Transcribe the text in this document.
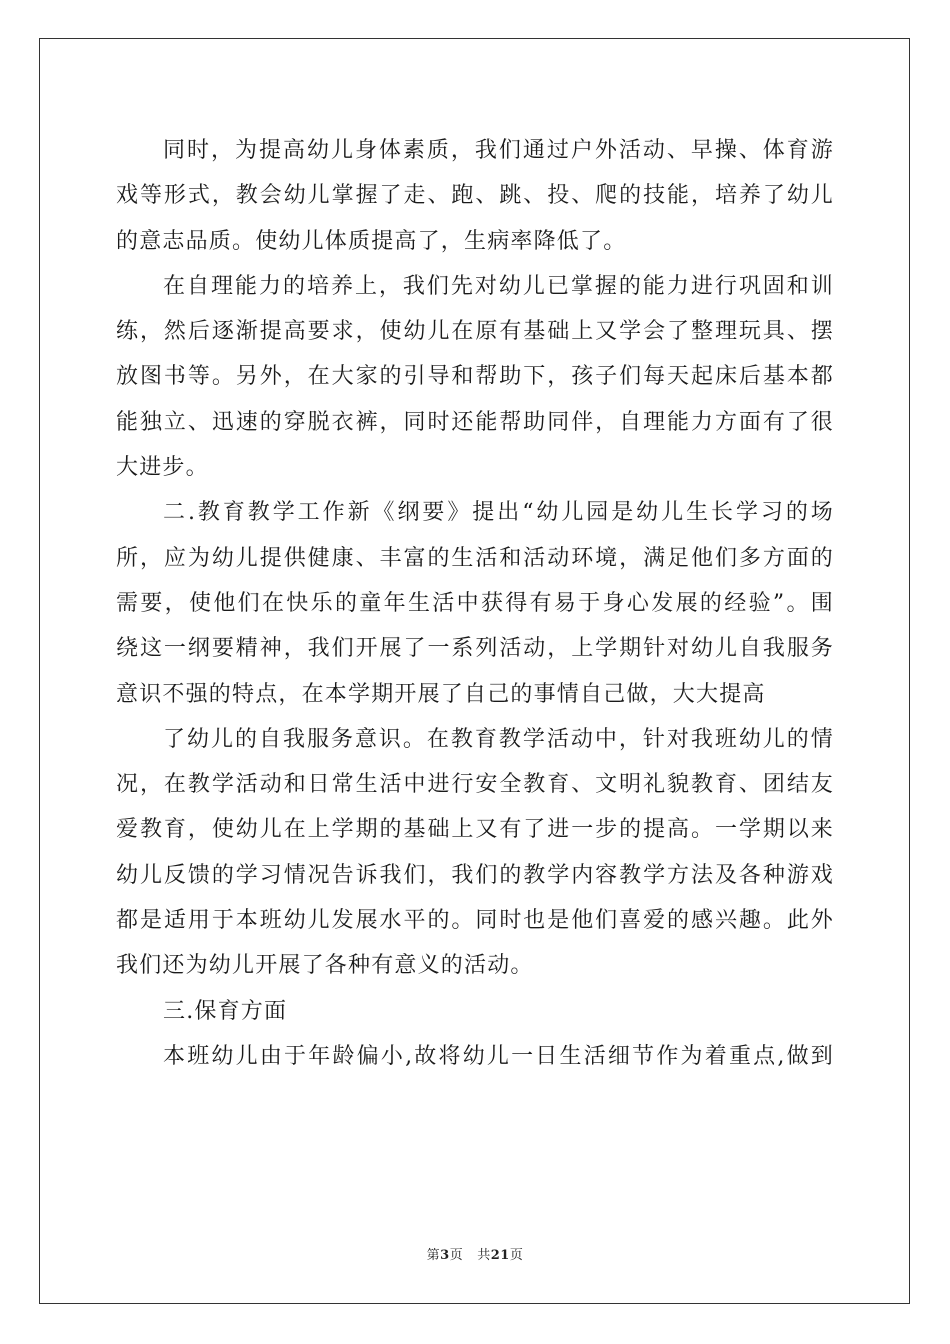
同时，为提高幼儿身体素质，我们通过户外活动、早操、体育游
戏等形式，教会幼儿掌握了走、跑、跳、投、爬的技能，培养了幼儿
的意志品质。使幼儿体质提高了，生病率降低了。
在自理能力的培养上，我们先对幼儿已掌握的能力进行巩固和训
练，然后逐渐提高要求，使幼儿在原有基础上又学会了整理玩具、摆
放图书等。另外，在大家的引导和帮助下，孩子们每天起床后基本都
能独立、迅速的穿脱衣裤，同时还能帮助同伴，自理能力方面有了很
大进步。
二.教育教学工作新《纲要》提出“幼儿园是幼儿生长学习的场
所，应为幼儿提供健康、丰富的生活和活动环境，满足他们多方面的
需要，使他们在快乐的童年生活中获得有易于身心发展的经验”。围
绕这一纲要精神，我们开展了一系列活动，上学期针对幼儿自我服务
意识不强的特点，在本学期开展了自己的事情自己做，大大提高
了幼儿的自我服务意识。在教育教学活动中，针对我班幼儿的情
况，在教学活动和日常生活中进行安全教育、文明礼貌教育、团结友
爱教育，使幼儿在上学期的基础上又有了进一步的提高。一学期以来
幼儿反馈的学习情况告诉我们，我们的教学内容教学方法及各种游戏
都是适用于本班幼儿发展水平的。同时也是他们喜爱的感兴趣。此外
我们还为幼儿开展了各种有意义的活动。
三.保育方面
本班幼儿由于年龄偏小,故将幼儿一日生活细节作为着重点,做到
第3页 共21页
